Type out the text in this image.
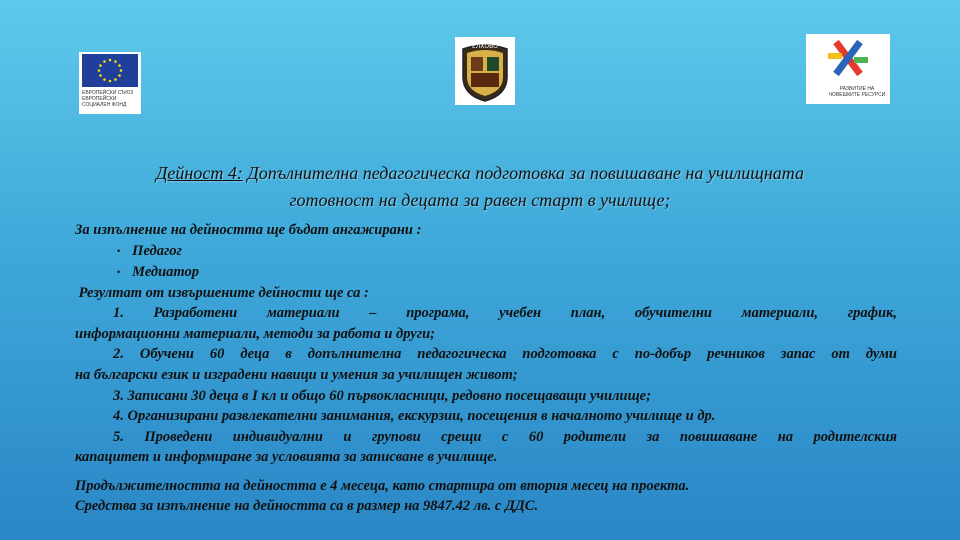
ЕВРОПЕЙСКИ СЪЮЗ ЕВРОПЕЙСКИ СОЦИАЛЕН ФОНД
ЕЛХОВО
РАЗВИТИЕ НА ЧОВЕШКИТЕ РЕСУРСИ
Дейност 4: Допълнителна педагогическа подготовка за повишаване на училищната
готовност на децата за равен старт в училище;
За изпълнение на дейността ще бъдат ангажирани :
• Педагог
• Медиатор
Резултат от извършените дейности ще са :
1. Разработени материали – програма, учебен план, обучителни материали, график,
информационни материали, методи за работа и други;
2. Обучени 60 деца в допълнителна педагогическа подготовка с по-добър речников запас от думи
на български език и изградени навици и умения за училищен живот;
3. Записани 30 деца в I кл и общо 60 първокласници, редовно посещаващи училище;
4. Организирани развлекателни занимания, екскурзии, посещения в началното училище и др.
5. Проведени индивидуални и групови срещи с 60 родители за повишаване на родителския
капацитет и информиране за условията за записване в училище.
Продължителността на дейността е 4 месеца, като стартира от втория месец на проекта.
Средства за изпълнение на дейността са в размер на 9847.42 лв. с ДДС.
